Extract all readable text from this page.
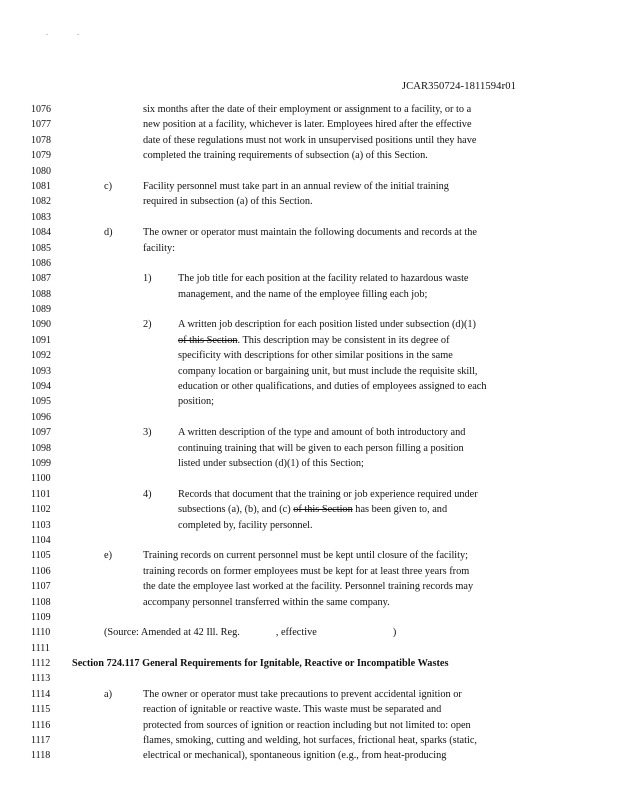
-	-
JCAR350724-1811594r01
1076	six months after the date of their employment or assignment to a facility, or to a
1077	new position at a facility, whichever is later. Employees hired after the effective
1078	date of these regulations must not work in unsupervised positions until they have
1079	completed the training requirements of subsection (a) of this Section.
1080
1081	c)	Facility personnel must take part in an annual review of the initial training
1082	required in subsection (a) of this Section.
1083
1084	d)	The owner or operator must maintain the following documents and records at the
1085	facility:
1086
1087	1)	The job title for each position at the facility related to hazardous waste
1088	management, and the name of the employee filling each job;
1089
1090	2)	A written job description for each position listed under subsection (d)(1)
1091	of this Section. This description may be consistent in its degree of
1092	specificity with descriptions for other similar positions in the same
1093	company location or bargaining unit, but must include the requisite skill,
1094	education or other qualifications, and duties of employees assigned to each
1095	position;
1096
1097	3)	A written description of the type and amount of both introductory and
1098	continuing training that will be given to each person filling a position
1099	listed under subsection (d)(1) of this Section;
1100
1101	4)	Records that document that the training or job experience required under
1102	subsections (a), (b), and (c) of this Section has been given to, and
1103	completed by, facility personnel.
1104
1105	e)	Training records on current personnel must be kept until closure of the facility;
1106	training records on former employees must be kept for at least three years from
1107	the date the employee last worked at the facility. Personnel training records may
1108	accompany personnel transferred within the same company.
1109
1110	(Source: Amended at 42 Ill. Reg.	, effective	)
1111
1112	Section 724.117 General Requirements for Ignitable, Reactive or Incompatible Wastes
1113
1114	a)	The owner or operator must take precautions to prevent accidental ignition or
1115	reaction of ignitable or reactive waste. This waste must be separated and
1116	protected from sources of ignition or reaction including but not limited to: open
1117	flames, smoking, cutting and welding, hot surfaces, frictional heat, sparks (static,
1118	electrical or mechanical), spontaneous ignition (e.g., from heat-producing
